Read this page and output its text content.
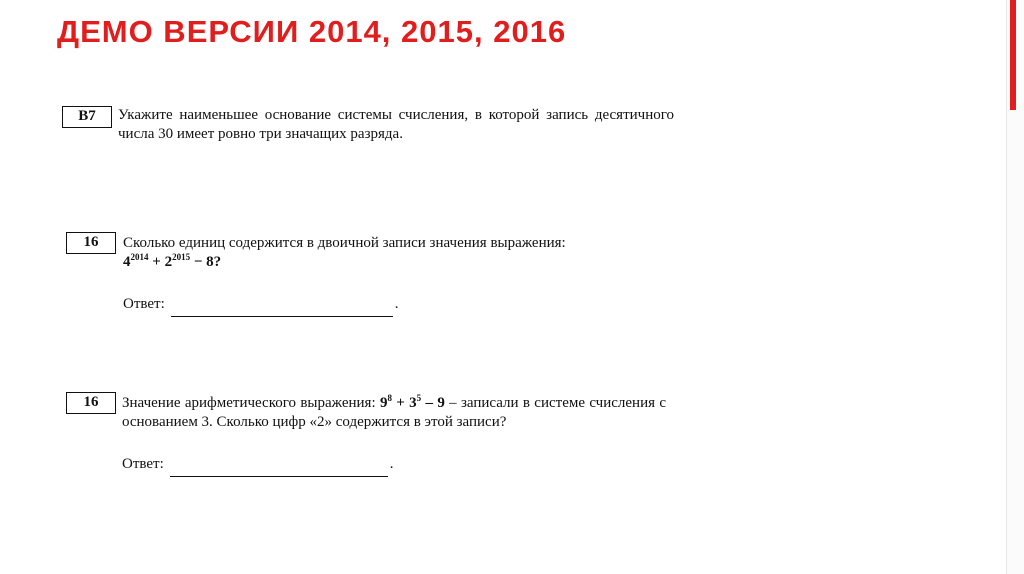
ДЕМО ВЕРСИИ 2014, 2015, 2016
B7	Укажите наименьшее основание системы счисления, в которой запись десятичного числа 30 имеет ровно три значащих разряда.
16	Сколько единиц содержится в двоичной записи значения выражения:
$4^{2014} + 2^{2015} - 8$?
Ответ:	.
16	Значение арифметического выражения: $9^8 + 3^5 - 9$ – записали в системе счисления с основанием 3. Сколько цифр «2» содержится в этой записи?
Ответ:	.
